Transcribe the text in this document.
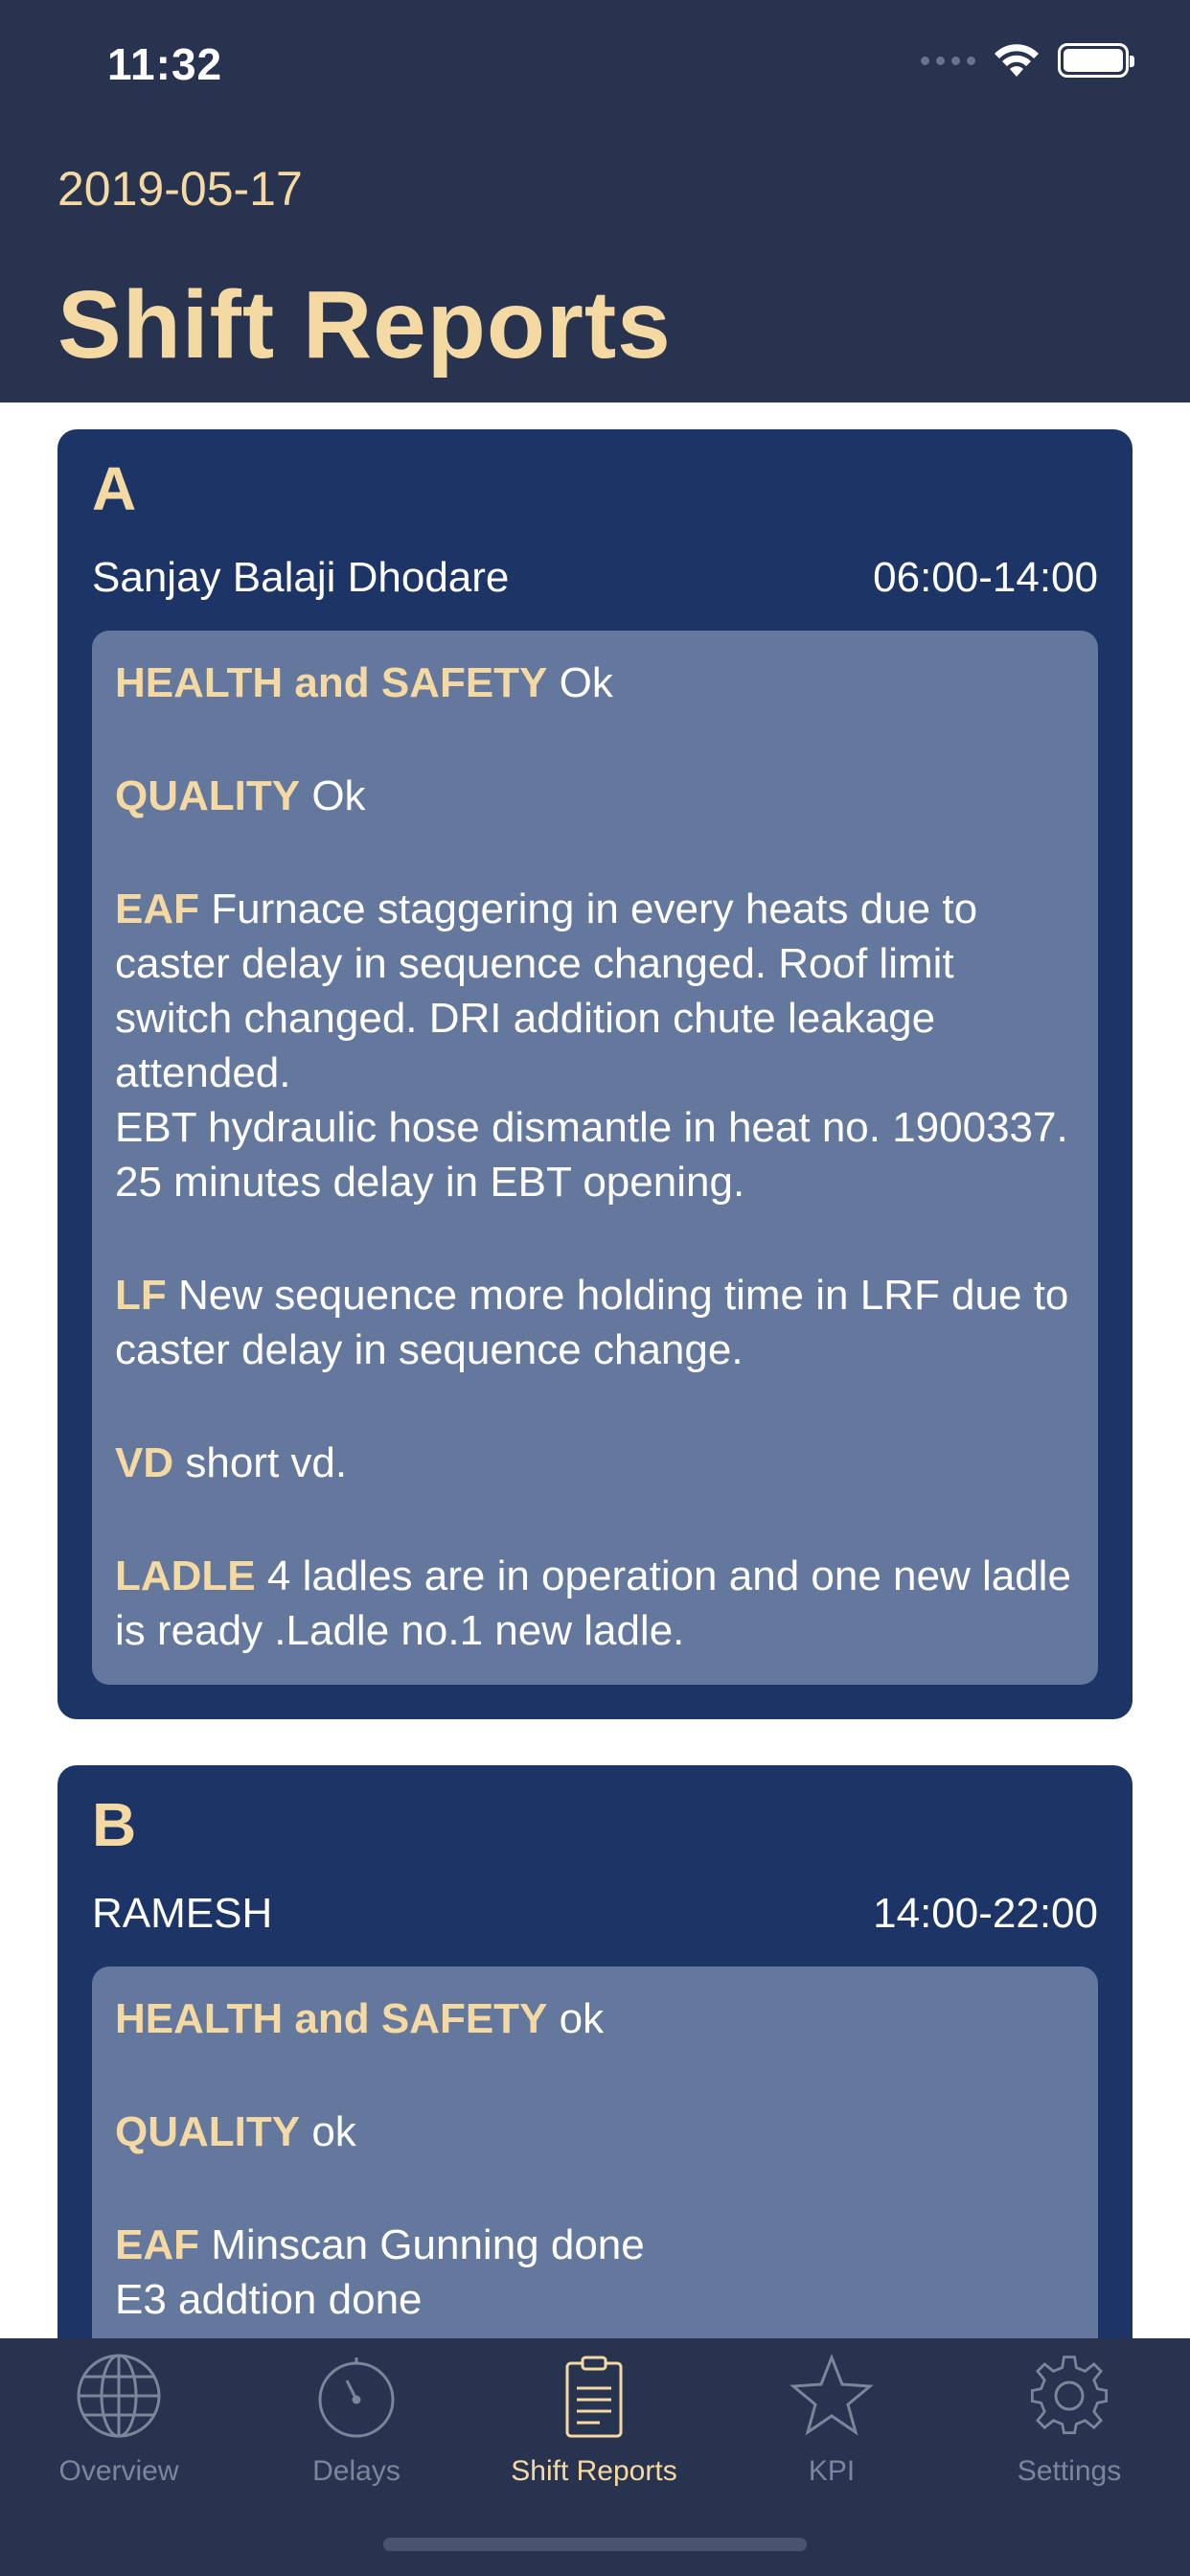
11:32
2019-05-17
Shift Reports
A
Sanjay Balaji Dhodare	06:00-14:00
HEALTH and SAFETY Ok
QUALITY Ok
EAF Furnace staggering in every heats due to caster delay in sequence changed. Roof limit switch changed. DRI addition chute leakage attended.
EBT hydraulic hose dismantle in heat no. 1900337. 25 minutes delay in EBT opening.
LF New sequence more holding time in LRF due to caster delay in sequence change.
VD short vd.
LADLE 4 ladles are in operation and one new ladle is ready .Ladle no.1 new ladle.
B
RAMESH	14:00-22:00
HEALTH and SAFETY ok
QUALITY ok
EAF Minscan Gunning done
E3 addtion done
Overview	Delays	Shift Reports	KPI	Settings
